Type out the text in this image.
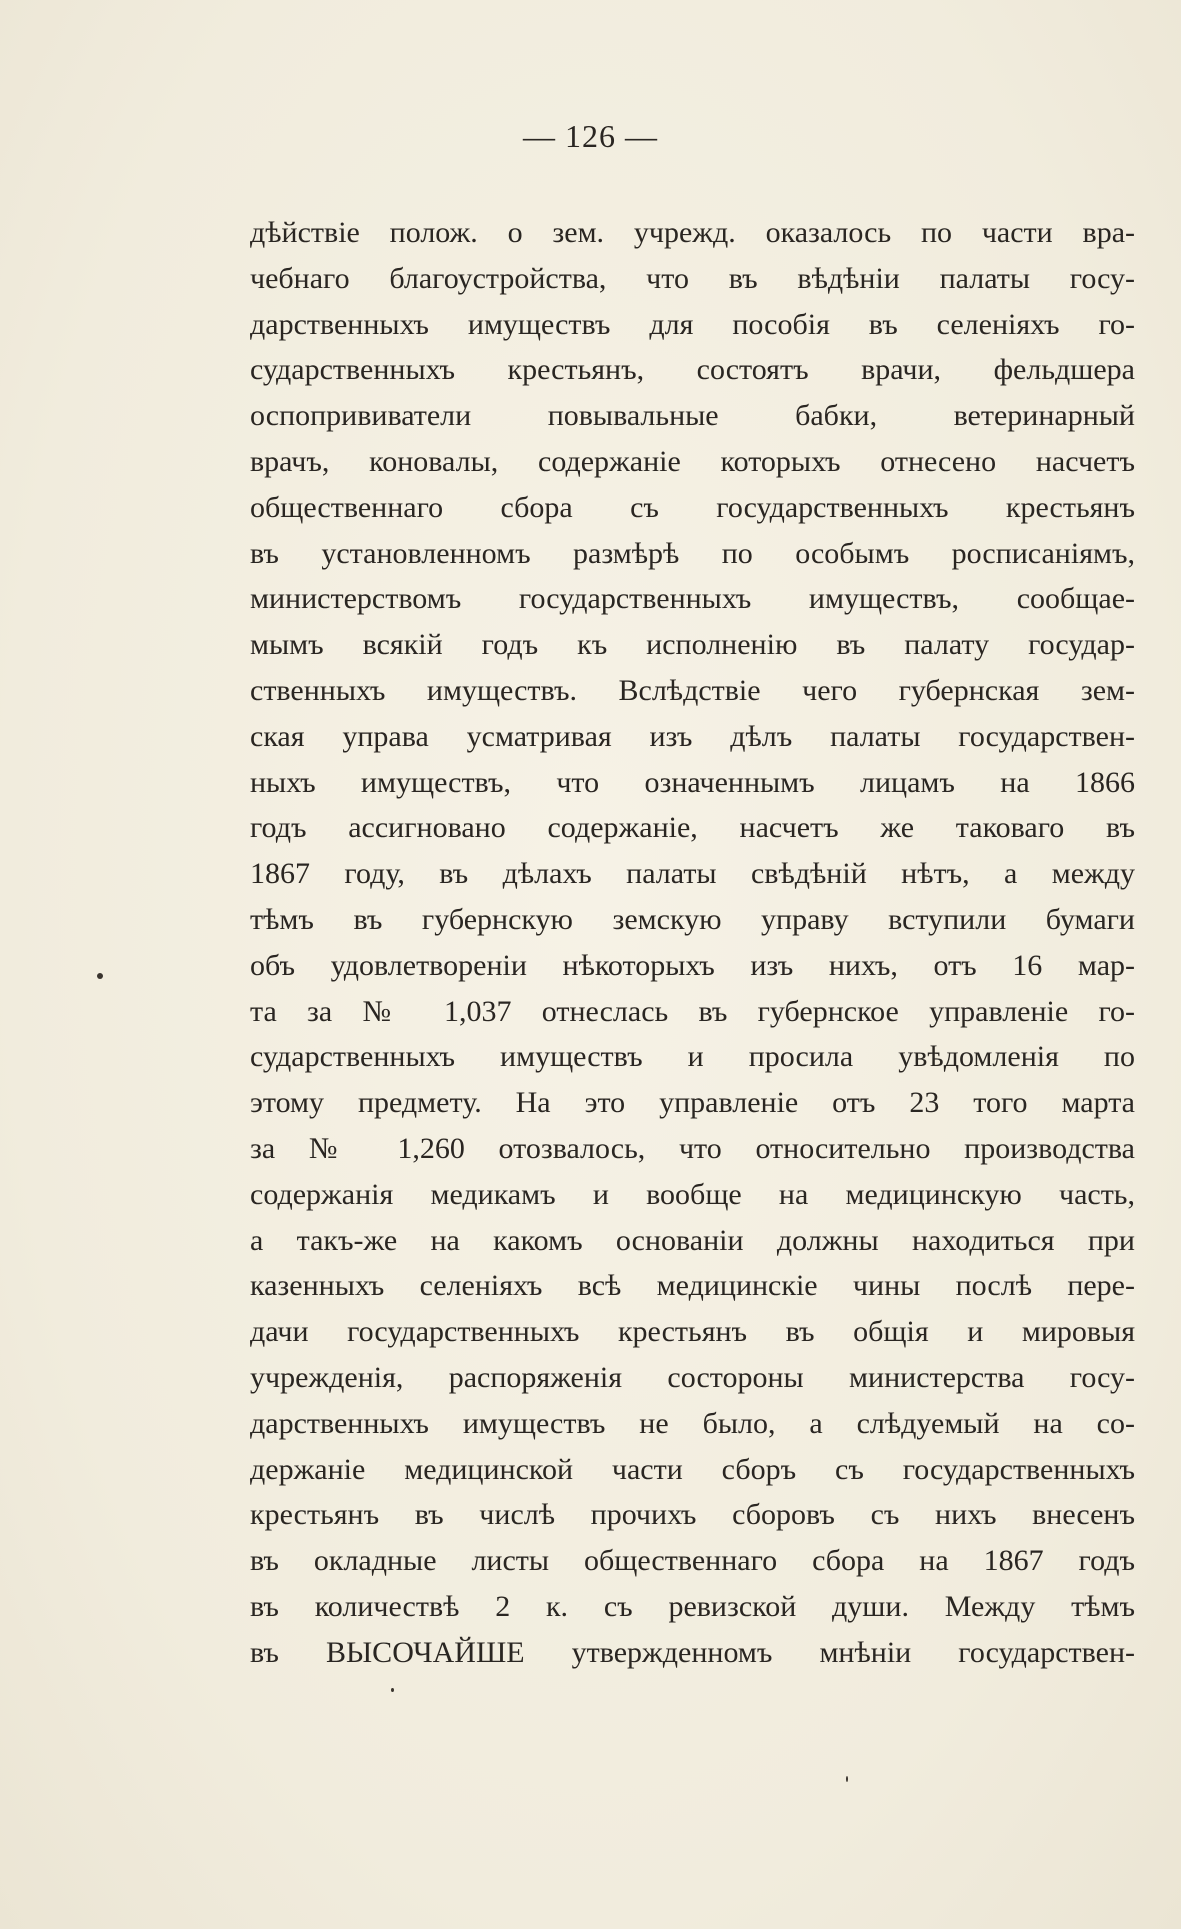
— 126 —
дѣйствіе полож. о зем. учрежд. оказалось по части вра-
чебнаго благоустройства, что въ вѣдѣніи палаты госу-
дарственныхъ имуществъ для пособія въ селеніяхъ го-
сударственныхъ крестьянъ, состоятъ врачи, фельдшера
оспопрививатели повывальные бабки, ветеринарный
врачъ, коновалы, содержаніе которыхъ отнесено насчетъ
общественнаго сбора съ государственныхъ крестьянъ
въ установленномъ размѣрѣ по особымъ росписаніямъ,
министерствомъ государственныхъ имуществъ, сообщае-
мымъ всякій годъ къ исполненію въ палату государ-
ственныхъ имуществъ. Вслѣдствіе чего губернская зем-
ская управа усматривая изъ дѣлъ палаты государствен-
ныхъ имуществъ, что означеннымъ лицамъ на 1866
годъ ассигновано содержаніе, насчетъ же таковаго въ
1867 году, въ дѣлахъ палаты свѣдѣній нѣтъ, а между
тѣмъ въ губернскую земскую управу вступили бумаги
объ удовлетвореніи нѣкоторыхъ изъ нихъ, отъ 16 мар-
та за № 1,037 отнеслась въ губернское управленіе го-
сударственныхъ имуществъ и просила увѣдомленія по
этому предмету. На это управленіе отъ 23 того марта
за № 1,260 отозвалось, что относительно производства
содержанія медикамъ и вообще на медицинскую часть,
а такъ-же на какомъ основаніи должны находиться при
казенныхъ селеніяхъ всѣ медицинскіе чины послѣ пере-
дачи государственныхъ крестьянъ въ общія и мировыя
учрежденія, распоряженія состороны министерства госу-
дарственныхъ имуществъ не было, а слѣдуемый на со-
держаніе медицинской части сборъ съ государственныхъ
крестьянъ въ числѣ прочихъ сборовъ съ нихъ внесенъ
въ окладные листы общественнаго сбора на 1867 годъ
въ количествѣ 2 к. съ ревизской души. Между тѣмъ
въ ВЫСОЧАЙШЕ утвержденномъ мнѣніи государствен-
